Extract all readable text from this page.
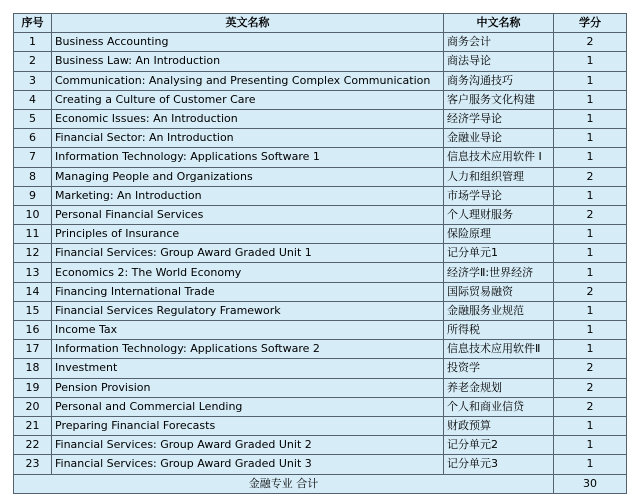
序号	英文名称	中文名称	学分
1	Business Accounting	商务会计	2
2	Business Law: An Introduction	商法导论	1
3	Communication: Analysing and Presenting Complex Communication	商务沟通技巧	1
4	Creating a Culture of Customer Care	客户服务文化构建	1
5	Economic Issues: An Introduction	经济学导论	1
6	Financial Sector: An Introduction	金融业导论	1
7	Information Technology: Applications Software 1	信息技术应用软件 I	1
8	Managing People and Organizations	人力和组织管理	2
9	Marketing: An Introduction	市场学导论	1
10	Personal Financial Services	个人理财服务	2
11	Principles of Insurance	保险原理	1
12	Financial Services: Group Award Graded Unit 1	记分单元1	1
13	Economics 2: The World Economy	经济学Ⅱ:世界经济	1
14	Financing International Trade	国际贸易融资	2
15	Financial Services Regulatory Framework	金融服务业规范	1
16	Income Tax	所得税	1
17	Information Technology: Applications Software 2	信息技术应用软件Ⅱ	1
18	Investment	投资学	2
19	Pension Provision	养老金规划	2
20	Personal and Commercial Lending	个人和商业信贷	2
21	Preparing Financial Forecasts	财政预算	1
22	Financial Services: Group Award Graded Unit 2	记分单元2	1
23	Financial Services: Group Award Graded Unit 3	记分单元3	1
金融专业 合计			30
